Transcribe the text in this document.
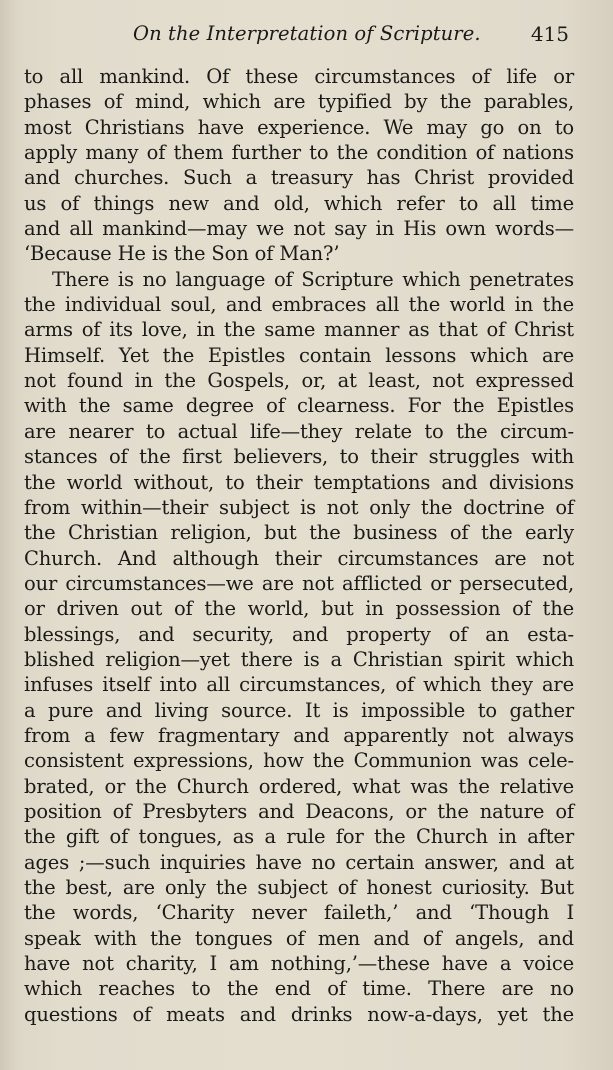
On the Interpretation of Scripture.	415
to all mankind. Of these circumstances of life or
phases of mind, which are typified by the parables,
most Christians have experience. We may go on to
apply many of them further to the condition of nations
and churches. Such a treasury has Christ provided
us of things new and old, which refer to all time
and all mankind—may we not say in His own words—
‘Because He is the Son of Man?’
There is no language of Scripture which penetrates
the individual soul, and embraces all the world in the
arms of its love, in the same manner as that of Christ
Himself. Yet the Epistles contain lessons which are
not found in the Gospels, or, at least, not expressed
with the same degree of clearness. For the Epistles
are nearer to actual life—they relate to the circum-
stances of the first believers, to their struggles with
the world without, to their temptations and divisions
from within—their subject is not only the doctrine of
the Christian religion, but the business of the early
Church. And although their circumstances are not
our circumstances—we are not afflicted or persecuted,
or driven out of the world, but in possession of the
blessings, and security, and property of an esta-
blished religion—yet there is a Christian spirit which
infuses itself into all circumstances, of which they are
a pure and living source. It is impossible to gather
from a few fragmentary and apparently not always
consistent expressions, how the Communion was cele-
brated, or the Church ordered, what was the relative
position of Presbyters and Deacons, or the nature of
the gift of tongues, as a rule for the Church in after
ages ;—such inquiries have no certain answer, and at
the best, are only the subject of honest curiosity. But
the words, ‘Charity never faileth,’ and ‘Though I
speak with the tongues of men and of angels, and
have not charity, I am nothing,’—these have a voice
which reaches to the end of time. There are no
questions of meats and drinks now-a-days, yet the
